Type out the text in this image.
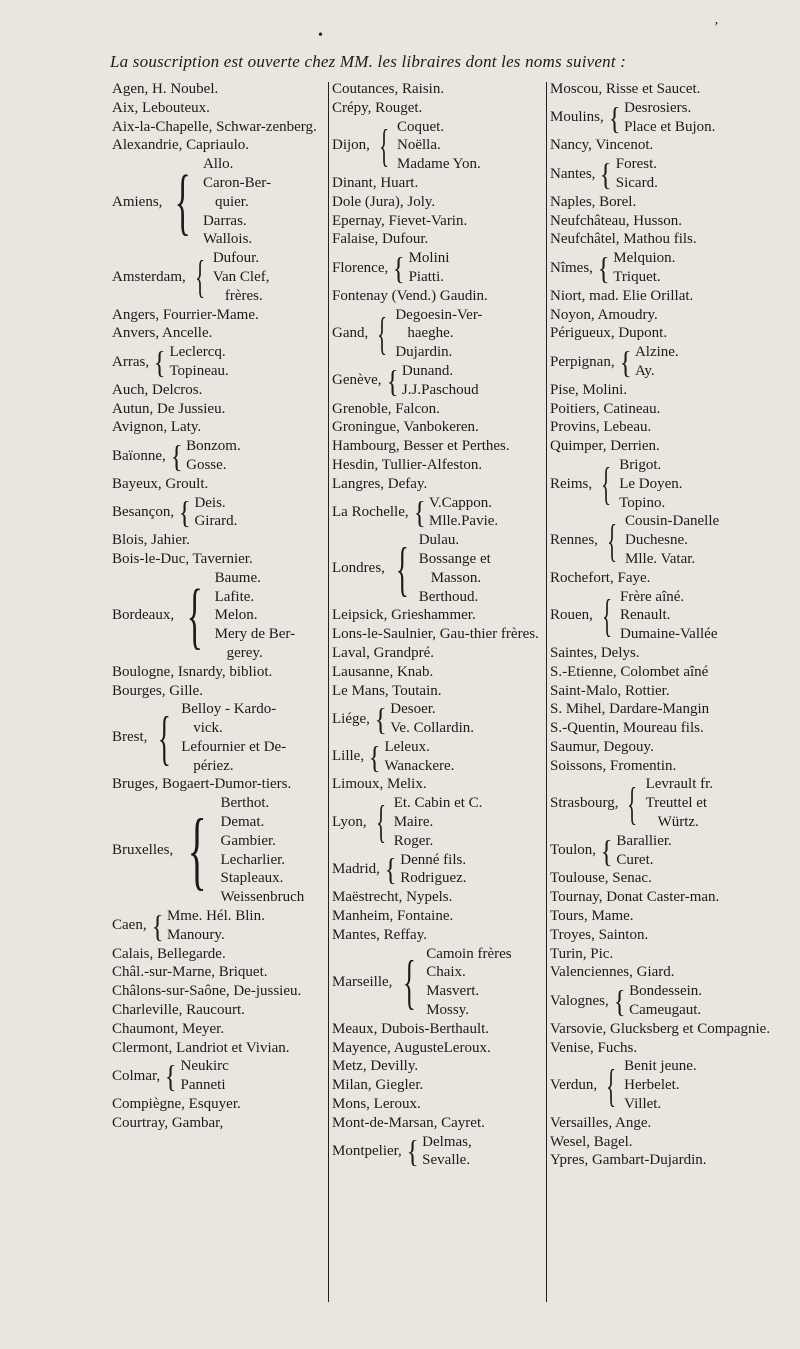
•
’
La souscription est ouverte chez MM. les libraires dont les noms suivent :
Agen, H. Noubel.
Aix, Lebouteux.
Aix-la-Chapelle, Schwar-zenberg.
Alexandrie, Capriaulo.
Amiens, { Allo.
Caron-Ber-
quier.
Darras.
Wallois.
Amsterdam, { Dufour.
Van Clef,
frères.
Angers, Fourrier-Mame.
Anvers, Ancelle.
Arras, { Leclercq.
Topineau.
Auch, Delcros.
Autun, De Jussieu.
Avignon, Laty.
Baïonne, { Bonzom.
Gosse.
Bayeux, Groult.
Besançon, { Deis.
Girard.
Blois, Jahier.
Bois-le-Duc, Tavernier.
Bordeaux, { Baume.
Lafite.
Melon.
Mery de Ber-
gerey.
Boulogne, Isnardy, bibliot.
Bourges, Gille.
Brest, { Belloy - Kardo-
vick.
Lefournier et De-
périez.
Bruges, Bogaert-Dumor-tiers.
Bruxelles, { Berthot.
Demat.
Gambier.
Lecharlier.
Stapleaux.
Weissenbruch
Caen, { Mme. Hél. Blin.
Manoury.
Calais, Bellegarde.
Châl.-sur-Marne, Briquet.
Châlons-sur-Saône, De-jussieu.
Charleville, Raucourt.
Chaumont, Meyer.
Clermont, Landriot et Vivian.
Colmar, { Neukirc
Panneti
Compiègne, Esquyer.
Courtray, Gambar,
Coutances, Raisin.
Crépy, Rouget.
Dijon, { Coquet.
Noëlla.
Madame Yon.
Dinant, Huart.
Dole (Jura), Joly.
Epernay, Fievet-Varin.
Falaise, Dufour.
Florence, { Molini
Piatti.
Fontenay (Vend.) Gaudin.
Gand, { Degoesin-Ver-
haeghe.
Dujardin.
Genève, { Dunand.
J.J.Paschoud
Grenoble, Falcon.
Groningue, Vanbokeren.
Hambourg, Besser et Perthes.
Hesdin, Tullier-Alfeston.
Langres, Defay.
La Rochelle, { V.Cappon.
Mlle.Pavie.
Londres, { Dulau.
Bossange et
Masson.
Berthoud.
Leipsick, Grieshammer.
Lons-le-Saulnier, Gau-thier frères.
Laval, Grandpré.
Lausanne, Knab.
Le Mans, Toutain.
Liége, { Desoer.
Ve. Collardin.
Lille, { Leleux.
Wanackere.
Limoux, Melix.
Lyon, { Et. Cabin et C.
Maire.
Roger.
Madrid, { Denné fils.
Rodriguez.
Maëstrecht, Nypels.
Manheim, Fontaine.
Mantes, Reffay.
Marseille, { Camoin frères
Chaix.
Masvert.
Mossy.
Meaux, Dubois-Berthault.
Mayence, AugusteLeroux.
Metz, Devilly.
Milan, Giegler.
Mons, Leroux.
Mont-de-Marsan, Cayret.
Montpelier, { Delmas,
Sevalle.
Moscou, Risse et Saucet.
Moulins, { Desrosiers.
Place et Bujon.
Nancy, Vincenot.
Nantes, { Forest.
Sicard.
Naples, Borel.
Neufchâteau, Husson.
Neufchâtel, Mathou fils.
Nîmes, { Melquion.
Triquet.
Niort, mad. Elie Orillat.
Noyon, Amoudry.
Périgueux, Dupont.
Perpignan, { Alzine.
Ay.
Pise, Molini.
Poitiers, Catineau.
Provins, Lebeau.
Quimper, Derrien.
Reims, { Brigot.
Le Doyen.
Topino.
Rennes, { Cousin-Danelle
Duchesne.
Mlle. Vatar.
Rochefort, Faye.
Rouen, { Frère aîné.
Renault.
Dumaine-Vallée
Saintes, Delys.
S.-Etienne, Colombet aîné
Saint-Malo, Rottier.
S. Mihel, Dardare-Mangin
S.-Quentin, Moureau fils.
Saumur, Degouy.
Soissons, Fromentin.
Strasbourg, { Levrault fr.
Treuttel et
Würtz.
Toulon, { Barallier.
Curet.
Toulouse, Senac.
Tournay, Donat Caster-man.
Tours, Mame.
Troyes, Sainton.
Turin, Pic.
Valenciennes, Giard.
Valognes, { Bondessein.
Cameugaut.
Varsovie, Glucksberg et Compagnie.
Venise, Fuchs.
Verdun, { Benit jeune.
Herbelet.
Villet.
Versailles, Ange.
Wesel, Bagel.
Ypres, Gambart-Dujardin.
